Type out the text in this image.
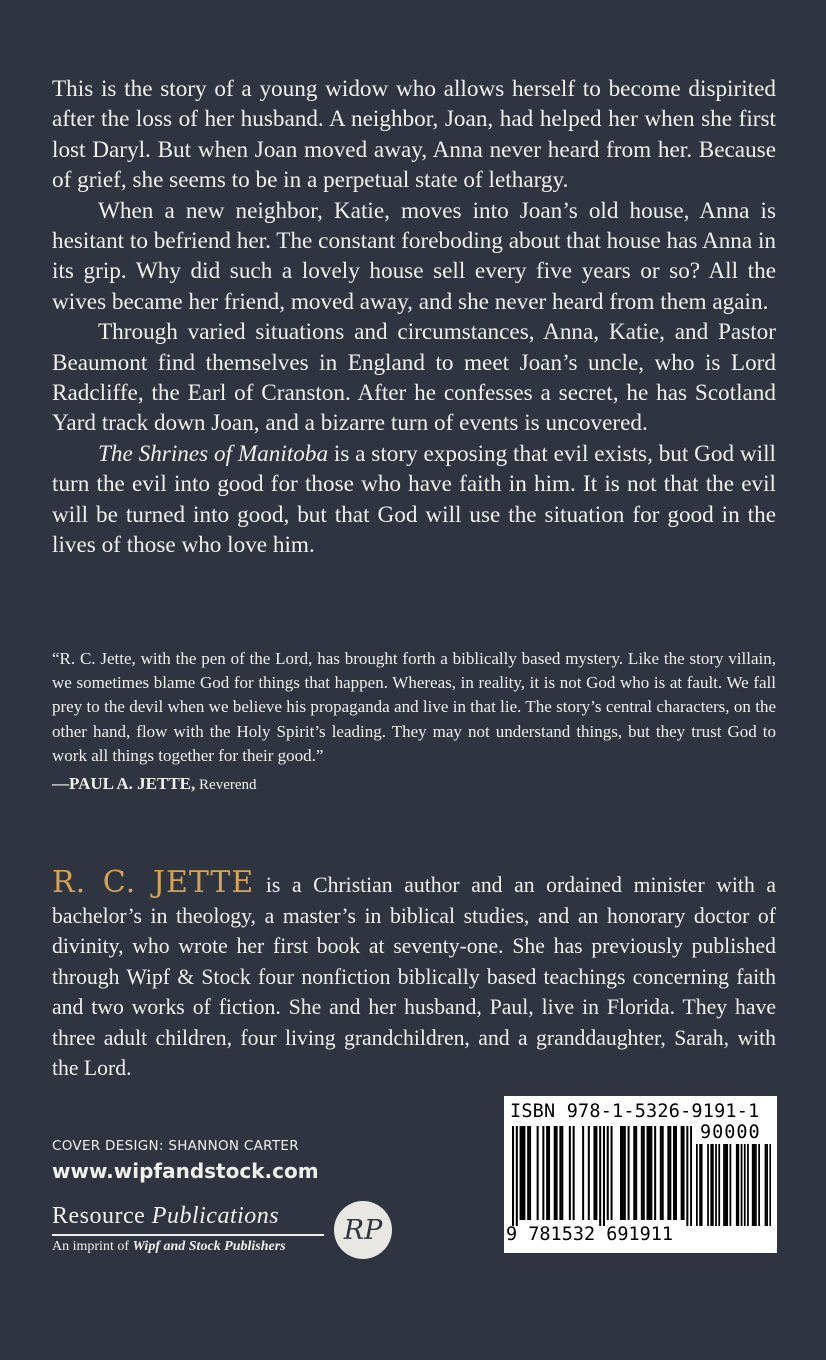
This is the story of a young widow who allows herself to become dispirited after the loss of her husband. A neighbor, Joan, had helped her when she first lost Daryl. But when Joan moved away, Anna never heard from her. Because of grief, she seems to be in a perpetual state of lethargy.

When a new neighbor, Katie, moves into Joan’s old house, Anna is hesitant to befriend her. The constant foreboding about that house has Anna in its grip. Why did such a lovely house sell every five years or so? All the wives became her friend, moved away, and she never heard from them again.

Through varied situations and circumstances, Anna, Katie, and Pastor Beaumont find themselves in England to meet Joan’s uncle, who is Lord Radcliffe, the Earl of Cranston. After he confesses a secret, he has Scotland Yard track down Joan, and a bizarre turn of events is uncovered.

The Shrines of Manitoba is a story exposing that evil exists, but God will turn the evil into good for those who have faith in him. It is not that the evil will be turned into good, but that God will use the situation for good in the lives of those who love him.

“R. C. Jette, with the pen of the Lord, has brought forth a biblically based mystery. Like the story villain, we sometimes blame God for things that happen. Whereas, in reality, it is not God who is at fault. We fall prey to the devil when we believe his propaganda and live in that lie. The story’s central characters, on the other hand, flow with the Holy Spirit’s leading. They may not understand things, but they trust God to work all things together for their good.”

—PAUL A. JETTE, Reverend
R. C. JETTE is a Christian author and an ordained minister with a bachelor’s in theology, a master’s in biblical studies, and an honorary doctor of divinity, who wrote her first book at seventy-one. She has previously published through Wipf & Stock four nonfiction biblically based teachings concerning faith and two works of fiction. She and her husband, Paul, live in Florida. They have three adult children, four living grandchildren, and a granddaughter, Sarah, with the Lord.
COVER DESIGN: SHANNON CARTER
www.wipfandstock.com
Resource Publications
An imprint of Wipf and Stock Publishers
RP
ISBN 978-1-5326-9191-1
90000
9 781532 691911
